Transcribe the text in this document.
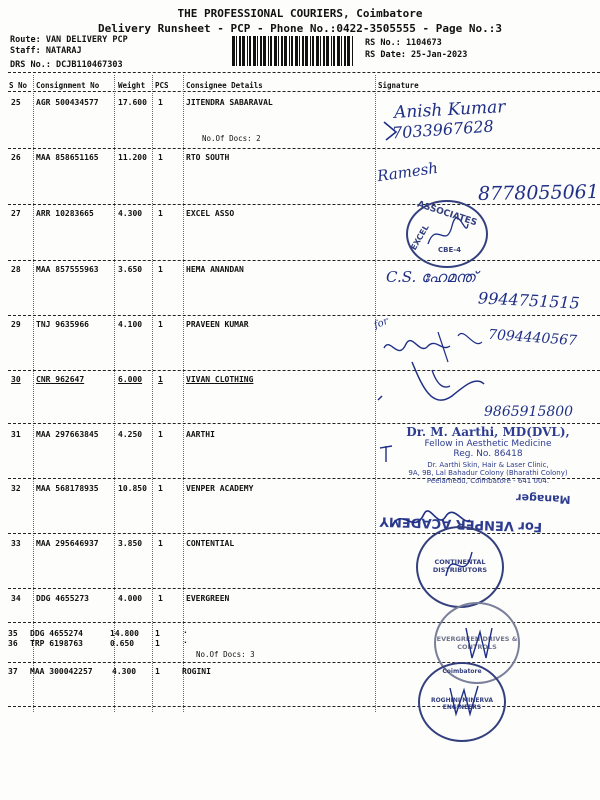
THE PROFESSIONAL COURIERS, Coimbatore
Delivery Runsheet - PCP - Phone No.:0422-3505555 - Page No.:3
Route: VAN DELIVERY PCP
Staff: NATARAJ
DRS No.: DCJB110467303
RS No.: 1104673
RS Date: 25-Jan-2023
S No Consignment No	Weight PCS Consignee Details	Signature
25 AGR 500434577 17.600 1	JITENDRA SABARAVAL
No.Of Docs: 2
26 MAA 858651165 11.200 1	RTO SOUTH
27 ARR 10283665	4.300 1	EXCEL ASSO
28 MAA 857555963 3.650 1	HEMA ANANDAN
29 TNJ 9635966	4.100 1	PRAVEEN KUMAR
30 CNR 962647	6.000 1	VIVAN CLOTHING
31 MAA 297663845 4.250 1	AARTHI
32 MAA 568178935 10.850 1	VENPER ACADEMY
33 MAA 295646937 3.850 1	CONTENTIAL
34 DDG 4655273	4.000 1	EVERGREEN
35 DDG 4655274	14.800 1	.
36 TRP 6198763	0.650	1	.
No.Of Docs: 3
37 MAA 300042257 4.300 1	ROGINI
Anish Kumar
7033967628
Ramesh
8778055061
ASSOCIATES
EXCEL CBE-4
C.S. ഹേമന്ത്
9944751515
for
7094440567
9865915800
Dr. M. Aarthi, MD(DVL),
Fellow in Aesthetic Medicine
Reg. No. 86418
Dr. Aarthi Skin, Hair & Laser Clinic,
9A, 9B, Lal Bahadur Colony (Bharathi Colony)
Peelamedu, Coimbatore - 641 004.
For VENPER ACADEMY
Manager
CONTINENTAL DISTRIBUTORS
EVERGREEN DRIVES & CONTROLS
Coimbatore
ROGHINI MINERVA ENGINEERS
